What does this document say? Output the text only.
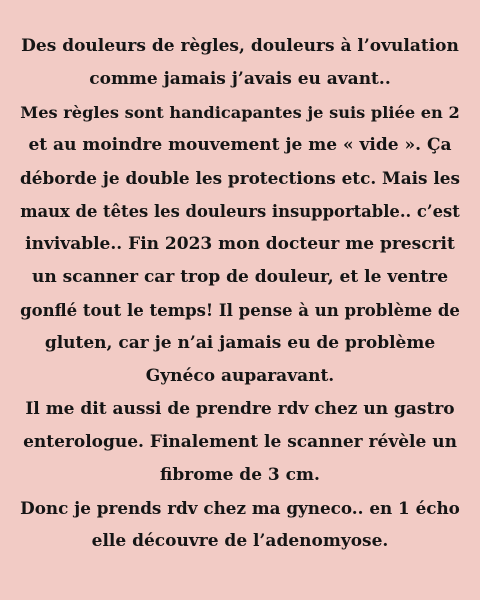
Des douleurs de règles, douleurs à l’ovulation
comme jamais j’avais eu avant..
Mes règles sont handicapantes je suis pliée en 2
et au moindre mouvement je me « vide ». Ça
déborde je double les protections etc. Mais les
maux de têtes les douleurs insupportable.. c’est
invivable.. Fin 2023 mon docteur me prescrit
un scanner car trop de douleur, et le ventre
gonflé tout le temps! Il pense à un problème de
gluten, car je n’ai jamais eu de problème
Gynéco auparavant.
Il me dit aussi de prendre rdv chez un gastro
enterologue. Finalement le scanner révèle un
fibrome de 3 cm.
Donc je prends rdv chez ma gyneco.. en 1 écho
elle découvre de l’adenomyose.
